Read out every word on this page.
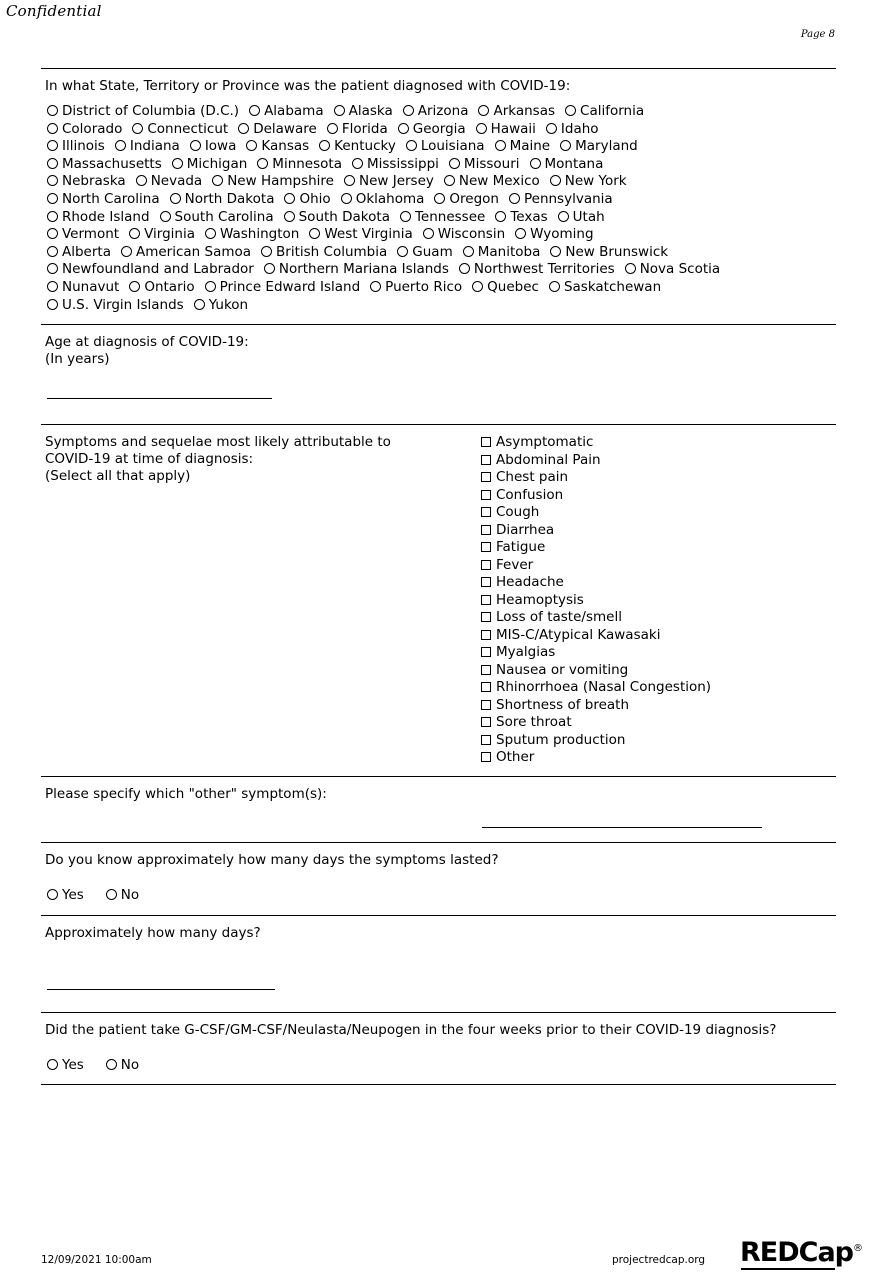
Confidential
Page 8
In what State, Territory or Province was the patient diagnosed with COVID-19:
District of Columbia (D.C.) Alabama Alaska Arizona Arkansas California
Colorado Connecticut Delaware Florida Georgia Hawaii Idaho
Illinois Indiana Iowa Kansas Kentucky Louisiana Maine Maryland
Massachusetts Michigan Minnesota Mississippi Missouri Montana
Nebraska Nevada New Hampshire New Jersey New Mexico New York
North Carolina North Dakota Ohio Oklahoma Oregon Pennsylvania
Rhode Island South Carolina South Dakota Tennessee Texas Utah
Vermont Virginia Washington West Virginia Wisconsin Wyoming
Alberta American Samoa British Columbia Guam Manitoba New Brunswick
Newfoundland and Labrador Northern Mariana Islands Northwest Territories Nova Scotia
Nunavut Ontario Prince Edward Island Puerto Rico Quebec Saskatchewan
U.S. Virgin Islands Yukon
Age at diagnosis of COVID-19:
(In years)
Symptoms and sequelae most likely attributable to
COVID-19 at time of diagnosis:
(Select all that apply)
Asymptomatic
Abdominal Pain
Chest pain
Confusion
Cough
Diarrhea
Fatigue
Fever
Headache
Heamoptysis
Loss of taste/smell
MIS-C/Atypical Kawasaki
Myalgias
Nausea or vomiting
Rhinorrhoea (Nasal Congestion)
Shortness of breath
Sore throat
Sputum production
Other
Please specify which "other" symptom(s):
Do you know approximately how many days the symptoms lasted?
Yes	No
Approximately how many days?
Did the patient take G-CSF/GM-CSF/Neulasta/Neupogen in the four weeks prior to their COVID-19 diagnosis?
Yes	No
12/09/2021 10:00am	projectredcap.org REDCap®
